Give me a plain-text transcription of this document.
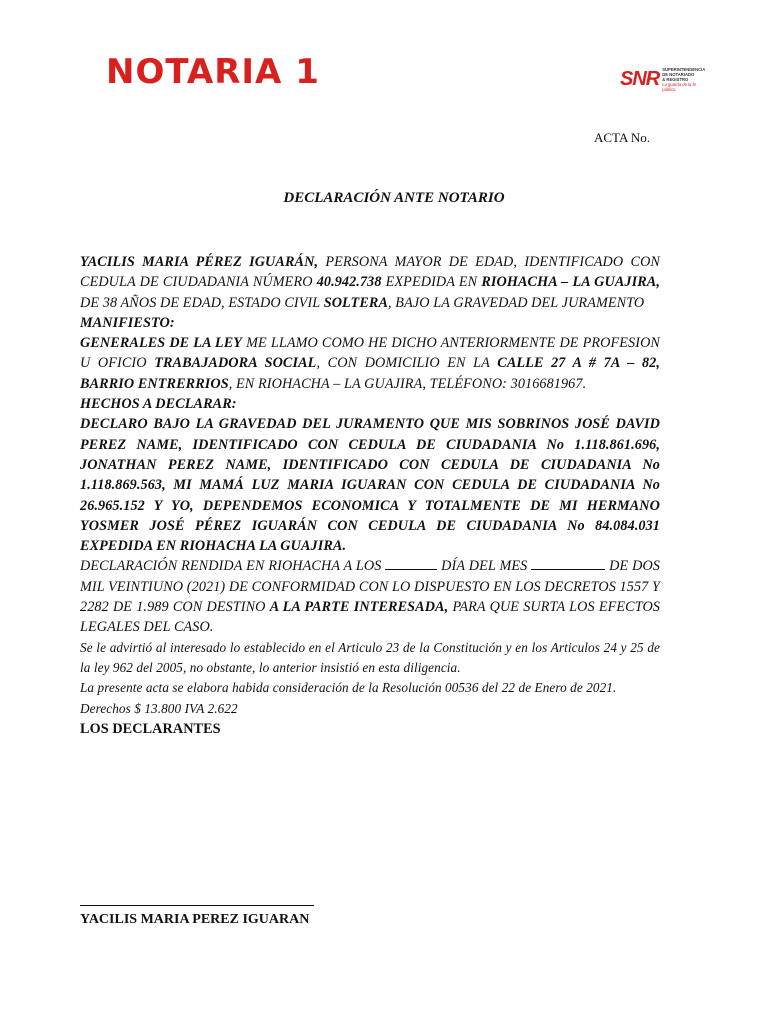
NOTARIA 1	SNR SUPERINTENDENCIA
DE NOTARIADO
& REGISTRO
La guarda de la fe pública
ACTA No.
DECLARACIÓN ANTE NOTARIO

YACILIS MARIA PÉREZ IGUARÁN, PERSONA MAYOR DE EDAD, IDENTIFICADO CON CEDULA DE CIUDADANIA NÚMERO 40.942.738 EXPEDIDA EN RIOHACHA – LA GUAJIRA, DE 38 AÑOS DE EDAD, ESTADO CIVIL SOLTERA, BAJO LA GRAVEDAD DEL JURAMENTO

MANIFIESTO:

GENERALES DE LA LEY ME LLAMO COMO HE DICHO ANTERIORMENTE DE PROFESION U OFICIO TRABAJADORA SOCIAL, CON DOMICILIO EN LA CALLE 27 A # 7A – 82, BARRIO ENTRERRIOS, EN RIOHACHA – LA GUAJIRA, TELÉFONO: 3016681967.

HECHOS A DECLARAR:

DECLARO BAJO LA GRAVEDAD DEL JURAMENTO QUE MIS SOBRINOS JOSÉ DAVID PEREZ NAME, IDENTIFICADO CON CEDULA DE CIUDADANIA No 1.118.861.696, JONATHAN PEREZ NAME, IDENTIFICADO CON CEDULA DE CIUDADANIA No 1.118.869.563, MI MAMÁ LUZ MARIA IGUARAN CON CEDULA DE CIUDADANIA No 26.965.152 Y YO, DEPENDEMOS ECONOMICA Y TOTALMENTE DE MI HERMANO YOSMER JOSÉ PÉREZ IGUARÁN CON CEDULA DE CIUDADANIA No 84.084.031 EXPEDIDA EN RIOHACHA LA GUAJIRA.

DECLARACIÓN RENDIDA EN RIOHACHA A LOS	DÍA DEL MES	DE DOS MIL VEINTIUNO (2021) DE CONFORMIDAD CON LO DISPUESTO EN LOS DECRETOS 1557 Y 2282 DE 1.989 CON DESTINO A LA PARTE INTERESADA, PARA QUE SURTA LOS EFECTOS LEGALES DEL CASO.

Se le advirtió al interesado lo establecido en el Articulo 23 de la Constitución y en los Articulos 24 y 25 de la ley 962 del 2005, no obstante, lo anterior insistió en esta diligencia.

La presente acta se elabora habida consideración de la Resolución 00536 del 22 de Enero de 2021.

Derechos $ 13.800 IVA 2.622

LOS DECLARANTES

YACILIS MARIA PEREZ IGUARAN
